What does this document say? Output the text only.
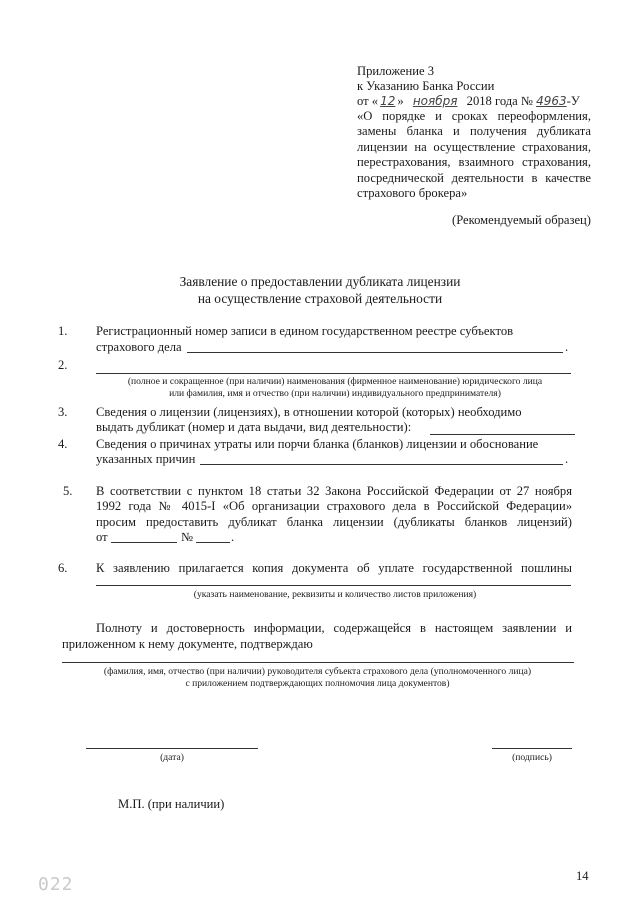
Приложение 3
к Указанию Банка России
от « 12 » ноября 2018 года № 4963-У
«О порядке и сроках переоформления,
замены бланка и получения дубликата
лицензии на осуществление страхования,
перестрахования, взаимного страхования,
посреднической деятельности в качестве
страхового брокера»
(Рекомендуемый образец)
Заявление о предоставлении дубликата лицензии
на осуществление страховой деятельности
1. Регистрационный номер записи в едином государственном реестре субъектов
страхового дела	.
2.
(полное и сокращенное (при наличии) наименования (фирменное наименование) юридического лица
или фамилия, имя и отчество (при наличии) индивидуального предпринимателя)
3. Сведения о лицензии (лицензиях), в отношении которой (которых) необходимо
выдать дубликат (номер и дата выдачи, вид деятельности):
4. Сведения о причинах утраты или порчи бланка (бланков) лицензии и обоснование
указанных причин	.
5. В соответствии с пунктом 18 статьи 32 Закона Российской Федерации от 27 ноября
1992 года № 4015-I «Об организации страхового дела в Российской Федерации»
просим предоставить дубликат бланка лицензии (дубликаты бланков лицензий)
от	№	.
6. К заявлению прилагается копия документа об уплате государственной пошлины
(указать наименование, реквизиты и количество листов приложения)
Полноту и достоверность информации, содержащейся в настоящем заявлении и
приложенном к нему документе, подтверждаю
(фамилия, имя, отчество (при наличии) руководителя субъекта страхового дела (уполномоченного лица)
с приложением подтверждающих полномочия лица документов)
(дата)	(подпись)
М.П. (при наличии)
14
022
